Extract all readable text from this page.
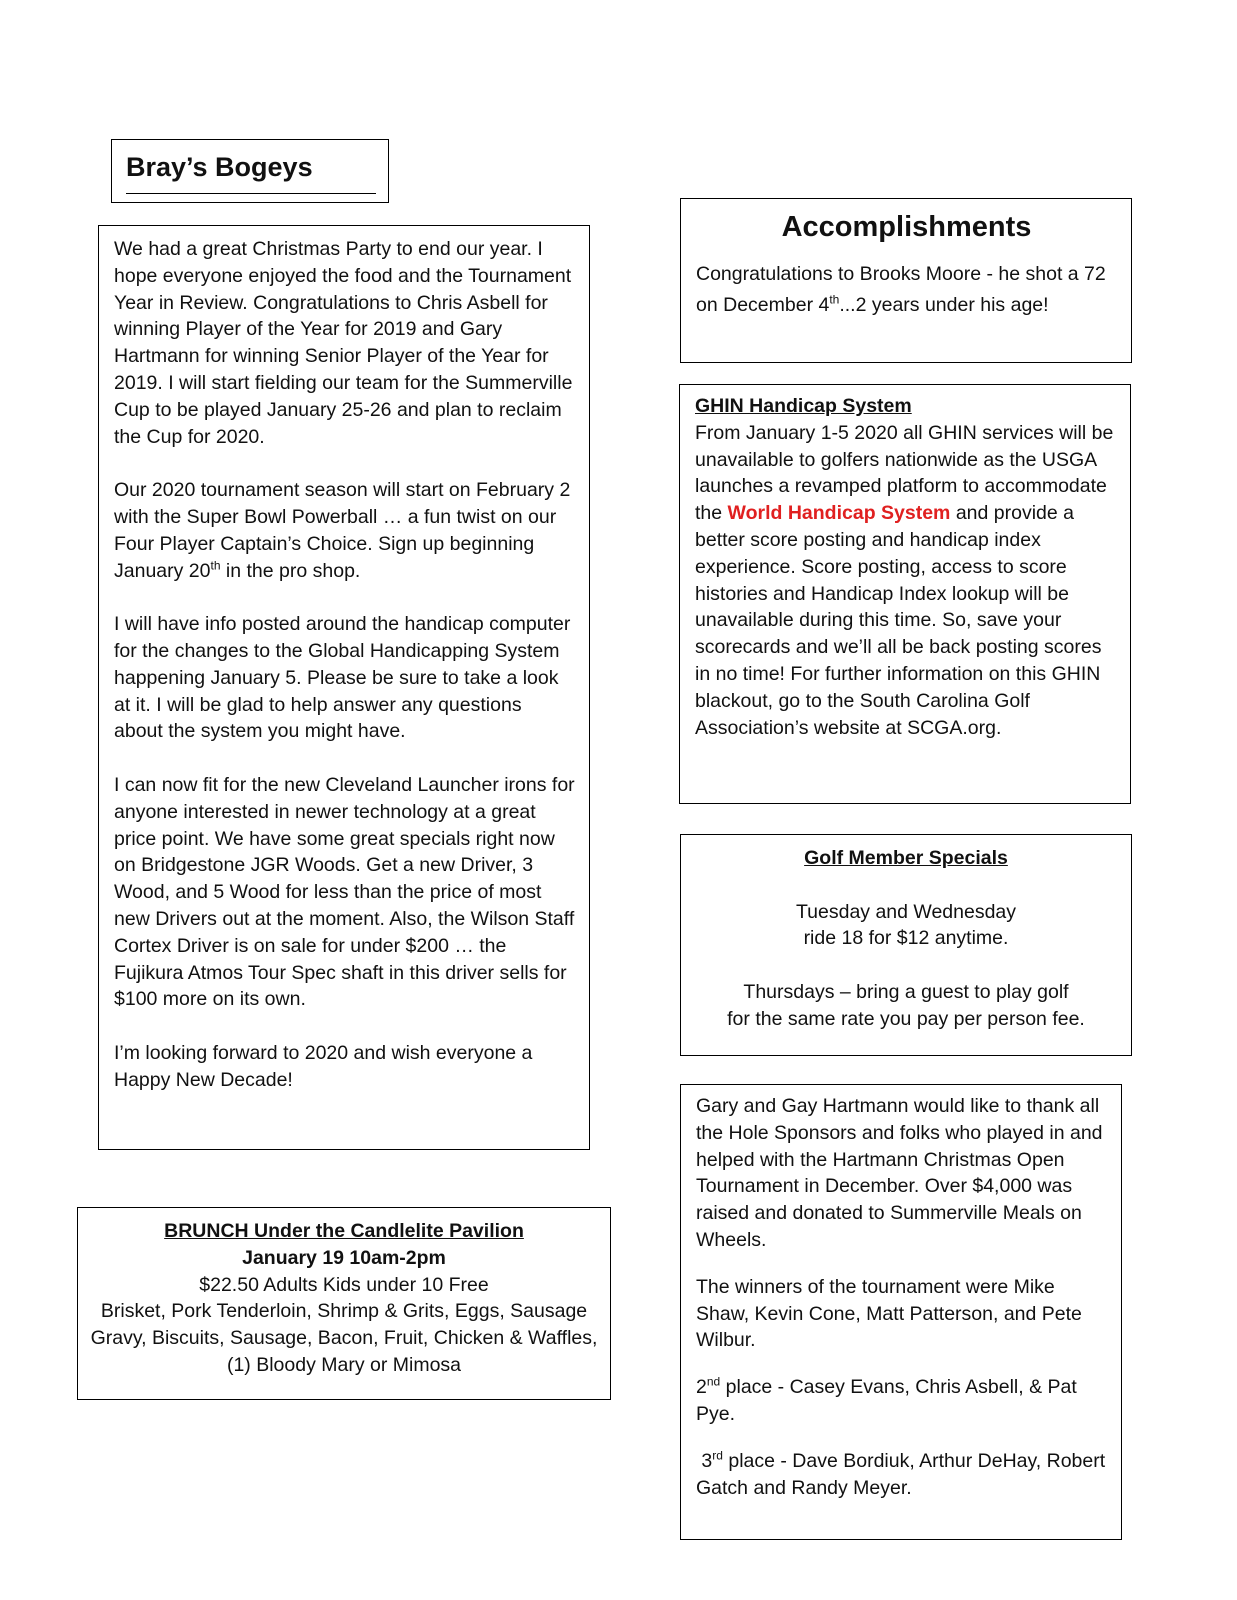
Bray’s Bogeys

We had a great Christmas Party to end our year. I hope everyone enjoyed the food and the Tournament Year in Review. Congratulations to Chris Asbell for winning Player of the Year for 2019 and Gary Hartmann for winning Senior Player of the Year for 2019. I will start fielding our team for the Summerville Cup to be played January 25-26 and plan to reclaim the Cup for 2020.

Our 2020 tournament season will start on February 2 with the Super Bowl Powerball … a fun twist on our Four Player Captain’s Choice. Sign up beginning January 20th in the pro shop.

I will have info posted around the handicap computer for the changes to the Global Handicapping System happening January 5. Please be sure to take a look at it. I will be glad to help answer any questions about the system you might have.

I can now fit for the new Cleveland Launcher irons for anyone interested in newer technology at a great price point. We have some great specials right now on Bridgestone JGR Woods. Get a new Driver, 3 Wood, and 5 Wood for less than the price of most new Drivers out at the moment. Also, the Wilson Staff Cortex Driver is on sale for under $200 … the Fujikura Atmos Tour Spec shaft in this driver sells for $100 more on its own.

I’m looking forward to 2020 and wish everyone a Happy New Decade!

BRUNCH Under the Candlelite Pavilion

January 19 10am-2pm

$22.50 Adults Kids under 10 Free

Brisket, Pork Tenderloin, Shrimp & Grits, Eggs, Sausage Gravy, Biscuits, Sausage, Bacon, Fruit, Chicken & Waffles, (1) Bloody Mary or Mimosa

Accomplishments

Congratulations to Brooks Moore - he shot a 72 on December 4th...2 years under his age!

GHIN Handicap System

From January 1-5 2020 all GHIN services will be unavailable to golfers nationwide as the USGA launches a revamped platform to accommodate the World Handicap System and provide a better score posting and handicap index experience. Score posting, access to score histories and Handicap Index lookup will be unavailable during this time. So, save your scorecards and we’ll all be back posting scores in no time! For further information on this GHIN blackout, go to the South Carolina Golf Association’s website at SCGA.org.

Golf Member Specials

Tuesday and Wednesday

ride 18 for $12 anytime.

Thursdays – bring a guest to play golf

for the same rate you pay per person fee.

Gary and Gay Hartmann would like to thank all the Hole Sponsors and folks who played in and helped with the Hartmann Christmas Open Tournament in December. Over $4,000 was raised and donated to Summerville Meals on Wheels.

The winners of the tournament were Mike Shaw, Kevin Cone, Matt Patterson, and Pete Wilbur.

2nd place - Casey Evans, Chris Asbell, & Pat Pye.

3rd place - Dave Bordiuk, Arthur DeHay, Robert Gatch and Randy Meyer.
